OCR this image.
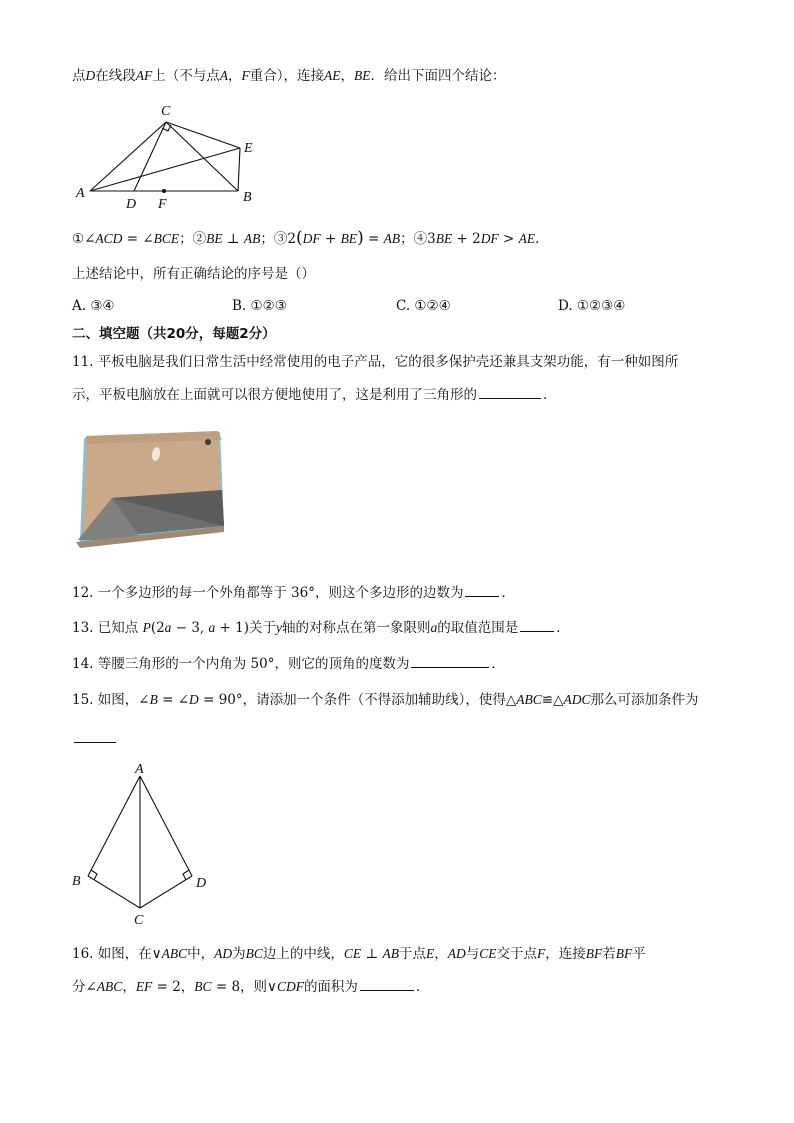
点D在线段AF上（不与点A，F重合），连接AE，BE．给出下面四个结论：
C
E
A	B
D F
①∠ACD = ∠BCE；②BE ⊥ AB；③2(DF + BE) = AB；④3BE + 2DF > AE．
上述结论中，所有正确结论的序号是（）
A. ③④	B. ①②③	C. ①②④	D. ①②③④
二、填空题（共20分，每题2分）
11. 平板电脑是我们日常生活中经常使用的电子产品，它的很多保护壳还兼具支架功能，有一种如图所
示，平板电脑放在上面就可以很方便地使用了，这是利用了三角形的	．
12. 一个多边形的每一个外角都等于 36°，则这个多边形的边数为	．
13. 已知点 P(2a − 3, a + 1)关于y轴的对称点在第一象限则a的取值范围是	．
14. 等腰三角形的一个内角为 50°，则它的顶角的度数为	．
15. 如图，∠B = ∠D = 90°，请添加一个条件（不得添加辅助线），使得△ABC≌△ADC那么可添加条件为
A
B	D
C
16. 如图，在∨ABC中，AD为BC边上的中线，CE ⊥ AB于点E，AD与CE交于点F，连接BF若BF平
分∠ABC，EF = 2，BC = 8，则∨CDF的面积为	．
